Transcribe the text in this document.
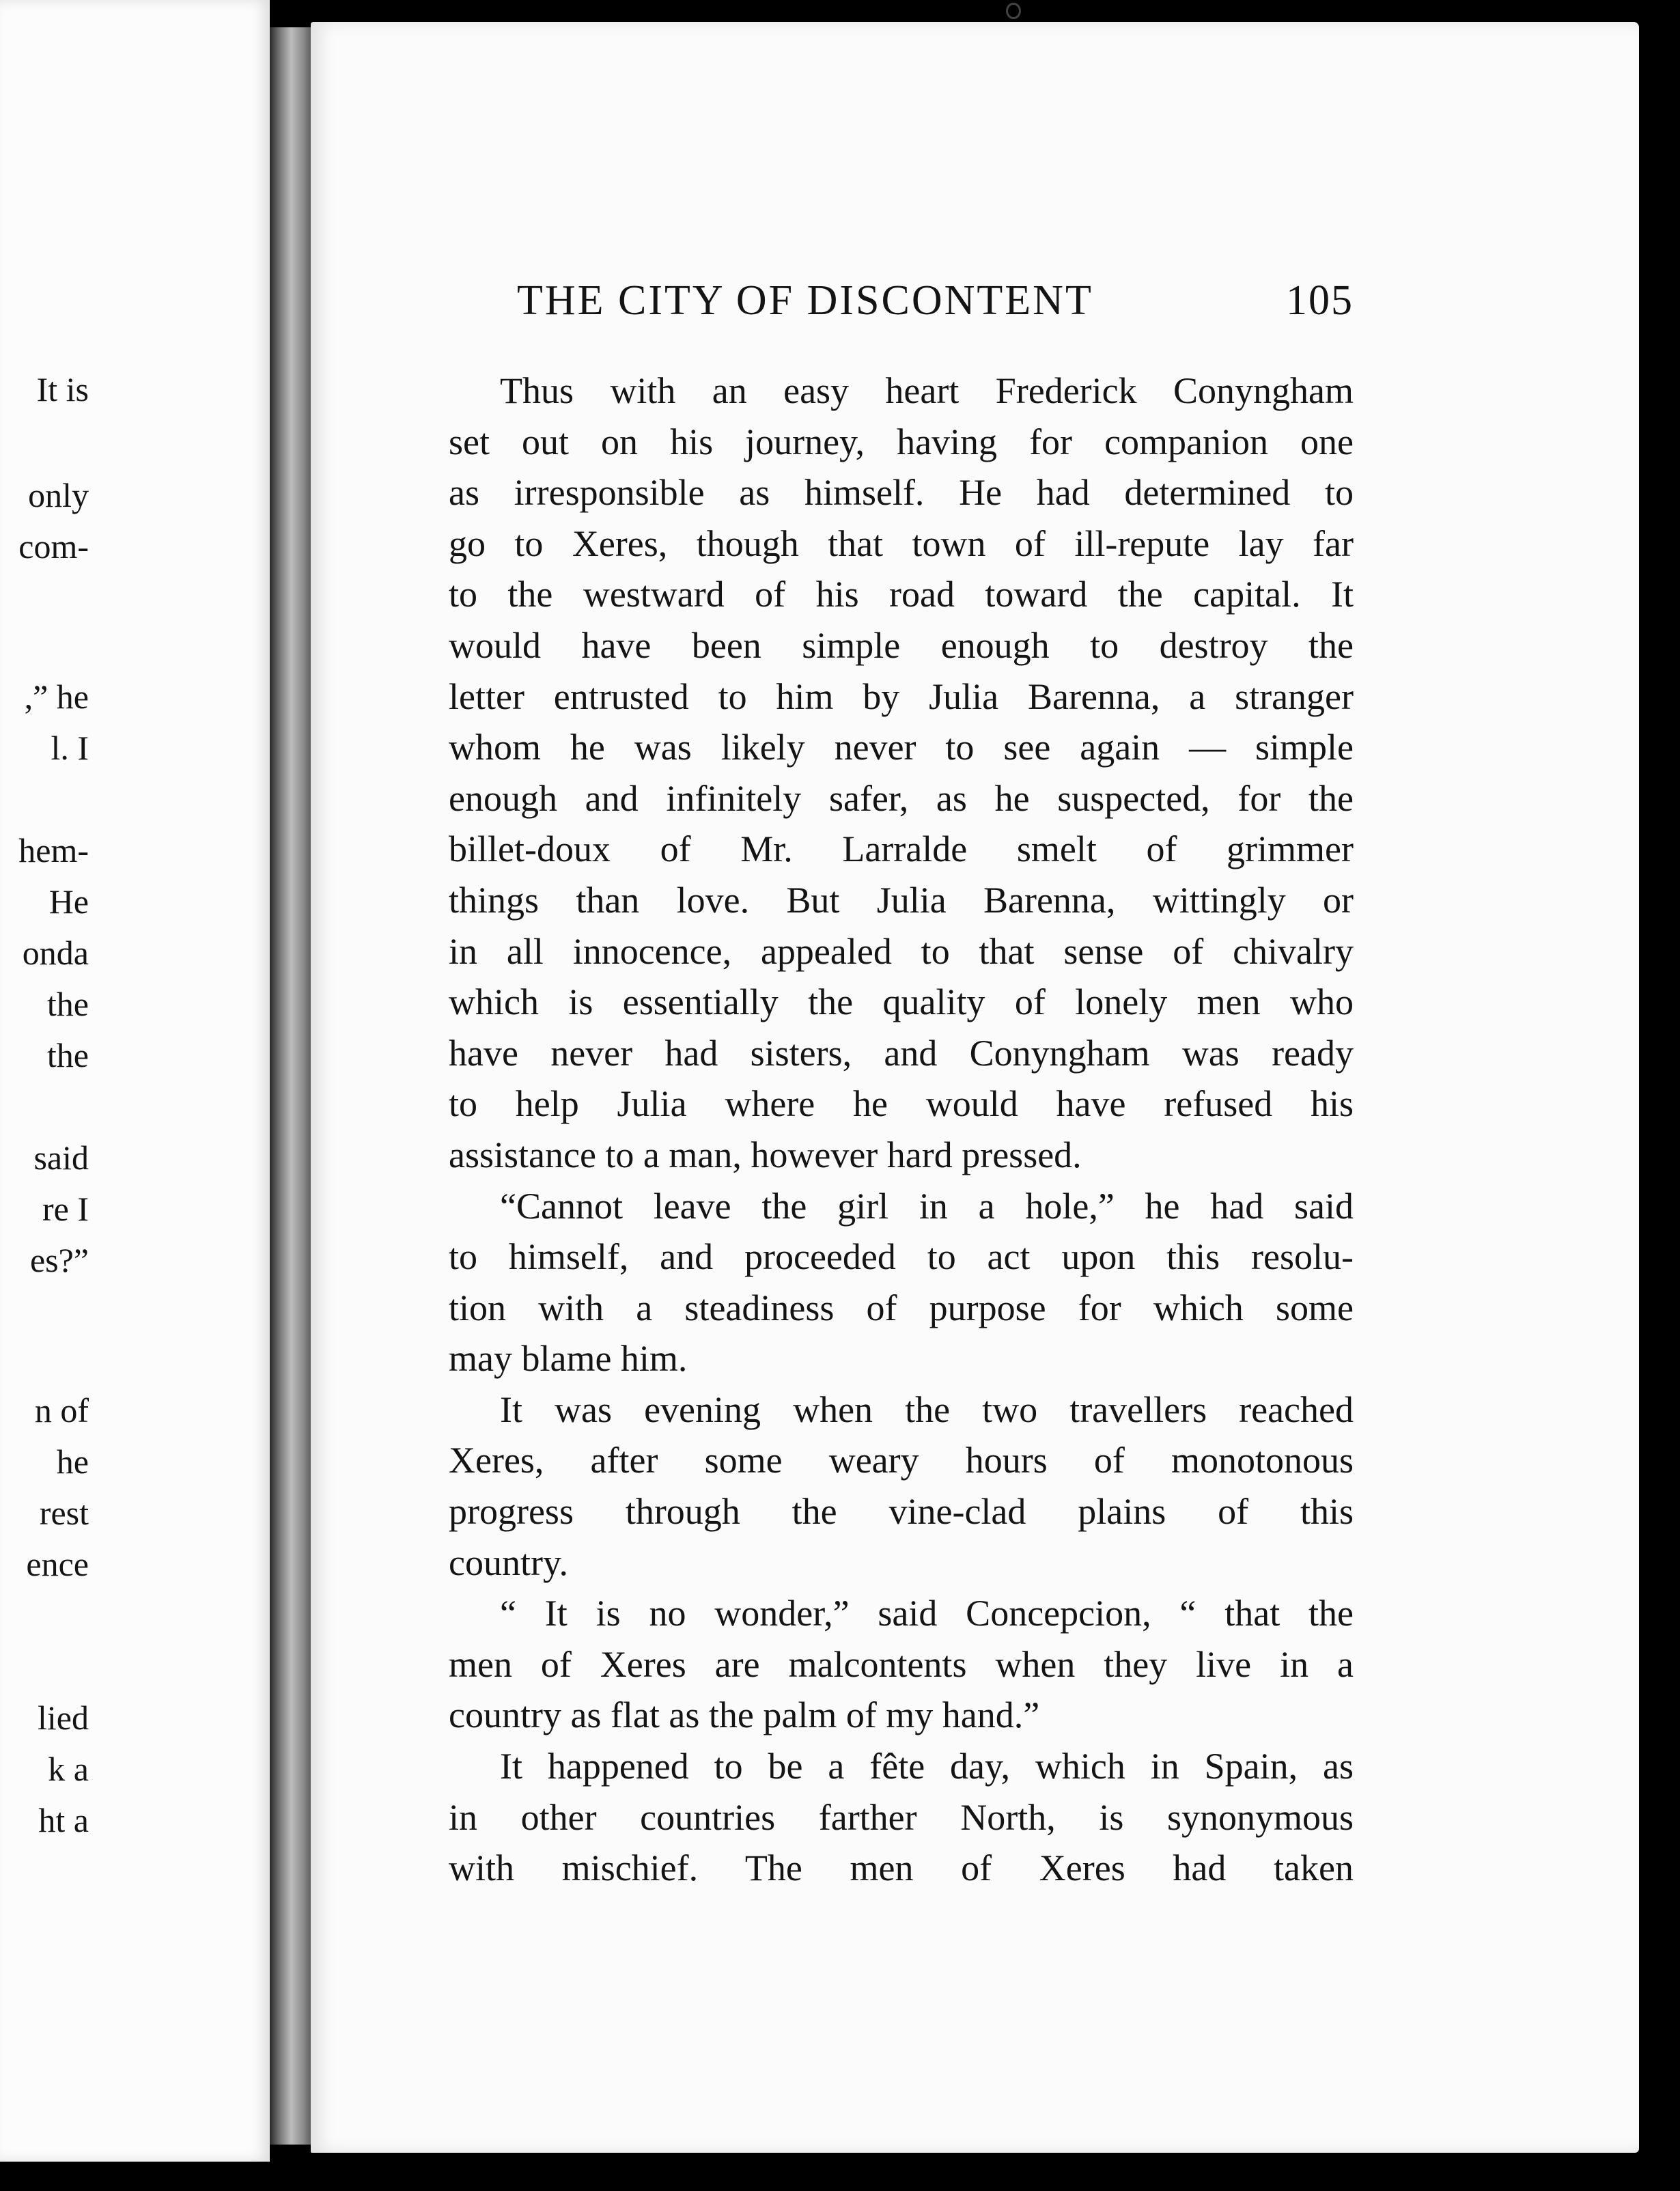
It is
only
com-
,” he
l. I
hem-
He
onda
the
the
said
re I
es?”
n of
he
rest
ence
lied
k a
ht a
THE CITY OF DISCONTENT	105
Thus with an easy heart Frederick Conyngham
set out on his journey, having for companion one
as irresponsible as himself. He had determined to
go to Xeres, though that town of ill-repute lay far
to the westward of his road toward the capital. It
would have been simple enough to destroy the
letter entrusted to him by Julia Barenna, a stranger
whom he was likely never to see again — simple
enough and infinitely safer, as he suspected, for the
billet-doux of Mr. Larralde smelt of grimmer
things than love. But Julia Barenna, wittingly or
in all innocence, appealed to that sense of chivalry
which is essentially the quality of lonely men who
have never had sisters, and Conyngham was ready
to help Julia where he would have refused his
assistance to a man, however hard pressed.
“Cannot leave the girl in a hole,” he had said
to himself, and proceeded to act upon this resolu-
tion with a steadiness of purpose for which some
may blame him.
It was evening when the two travellers reached
Xeres, after some weary hours of monotonous
progress through the vine-clad plains of this
country.
“ It is no wonder,” said Concepcion, “ that the
men of Xeres are malcontents when they live in a
country as flat as the palm of my hand.”
It happened to be a fête day, which in Spain, as
in other countries farther North, is synonymous
with mischief. The men of Xeres had taken
